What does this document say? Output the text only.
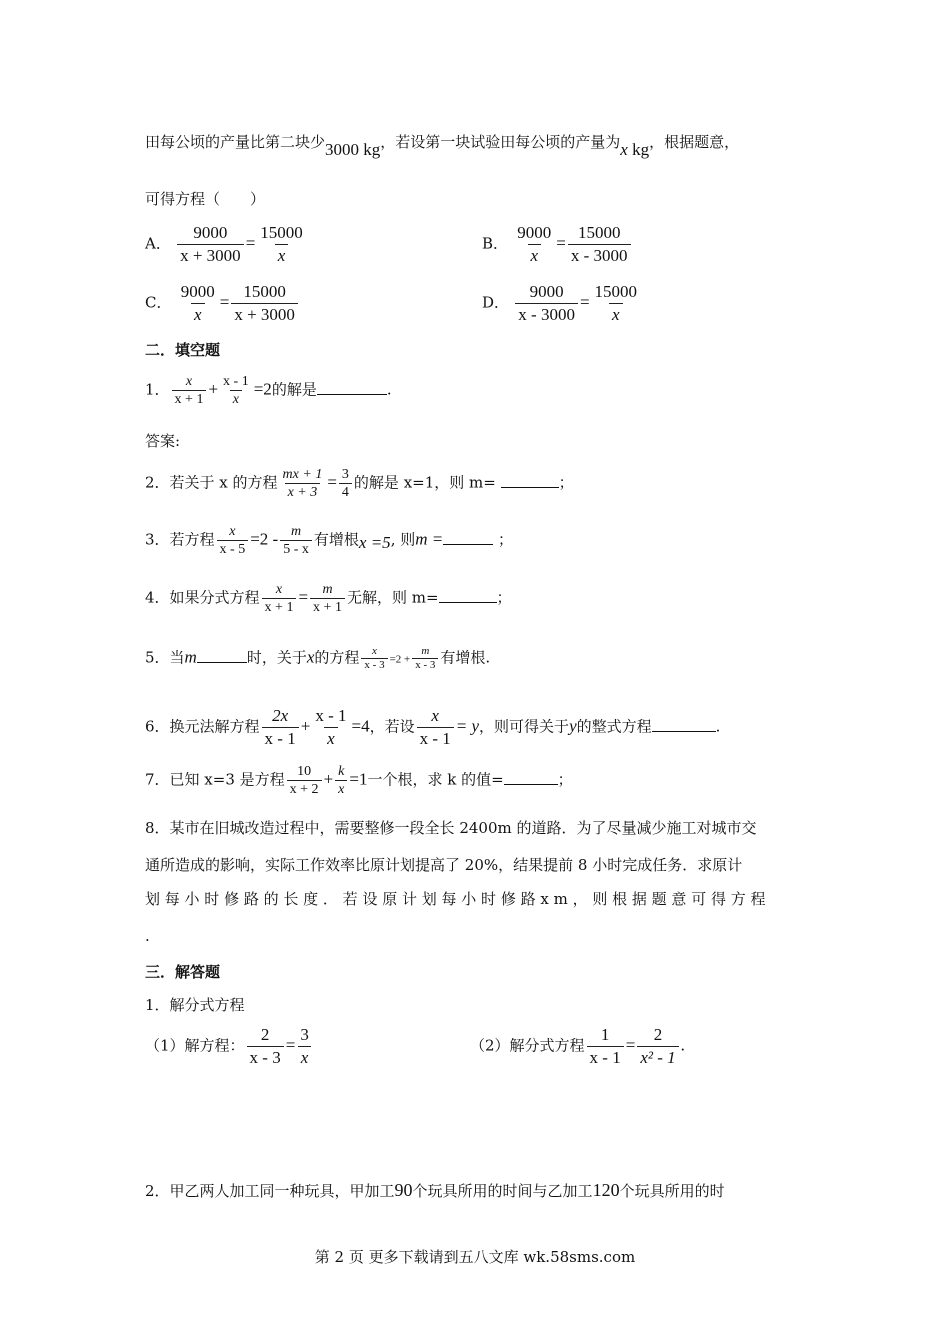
田每公顷的产量比第二块少3000 kg，若设第一块试验田每公顷的产量为x kg，根据题意，
可得方程（　　）
A． $\frac{9000}{x + 3000} = \frac{15000}{x}$	B． $\frac{9000}{x} = \frac{15000}{x - 3000}$
C． $\frac{9000}{x} = \frac{15000}{x + 3000}$	D． $\frac{9000}{x - 3000} = \frac{15000}{x}$
二．填空题
1． $\frac{x}{x + 1} + \frac{x - 1}{x} =2$的解是	.
答案:
2．若关于 x 的方程 $\frac{mx + 1}{x + 3} = \frac{3}{4}$ 的解是 x=1，则 m=	；
3．若方程 $\frac{x}{x - 5} =2 - \frac{m}{5 - x}$ 有增根x =5, 则m =	；
4．如果分式方程 $\frac{x}{x + 1} = \frac{m}{x + 1}$ 无解，则 m=	；
5．当m	时，关于x的方程 $\frac{x}{x - 3} =2 + \frac{m}{x - 3}$ 有增根.
6．换元法解方程 $\frac{2x}{x - 1} + \frac{x - 1}{x} =4$，若设 $\frac{x}{x - 1} = y$，则可得关于y的整式方程	.
7．已知 x=3 是方程 $\frac{10}{x + 2} + \frac{k}{x} =1$一个根，求 k 的值=	；
8．某市在旧城改造过程中，需要整修一段全长 2400m 的道路．为了尽量减少施工对城市交
通所造成的影响，实际工作效率比原计划提高了 20%，结果提前 8 小时完成任务．求原计
划 每 小 时 修 路 的 长 度 ． 若 设 原 计 划 每 小 时 修 路 x m ， 则 根 据 题 意 可 得 方 程
.
三．解答题
1．解分式方程
（1）解方程： $\frac{2}{x - 3} = \frac{3}{x}$	（2）解分式方程 $\frac{1}{x - 1} = \frac{2}{\text{x² - 1}}$ .
2．甲乙两人加工同一种玩具，甲加工90个玩具所用的时间与乙加工120个玩具所用的时
第 2 页 更多下载请到五八文库 wk.58sms.com
